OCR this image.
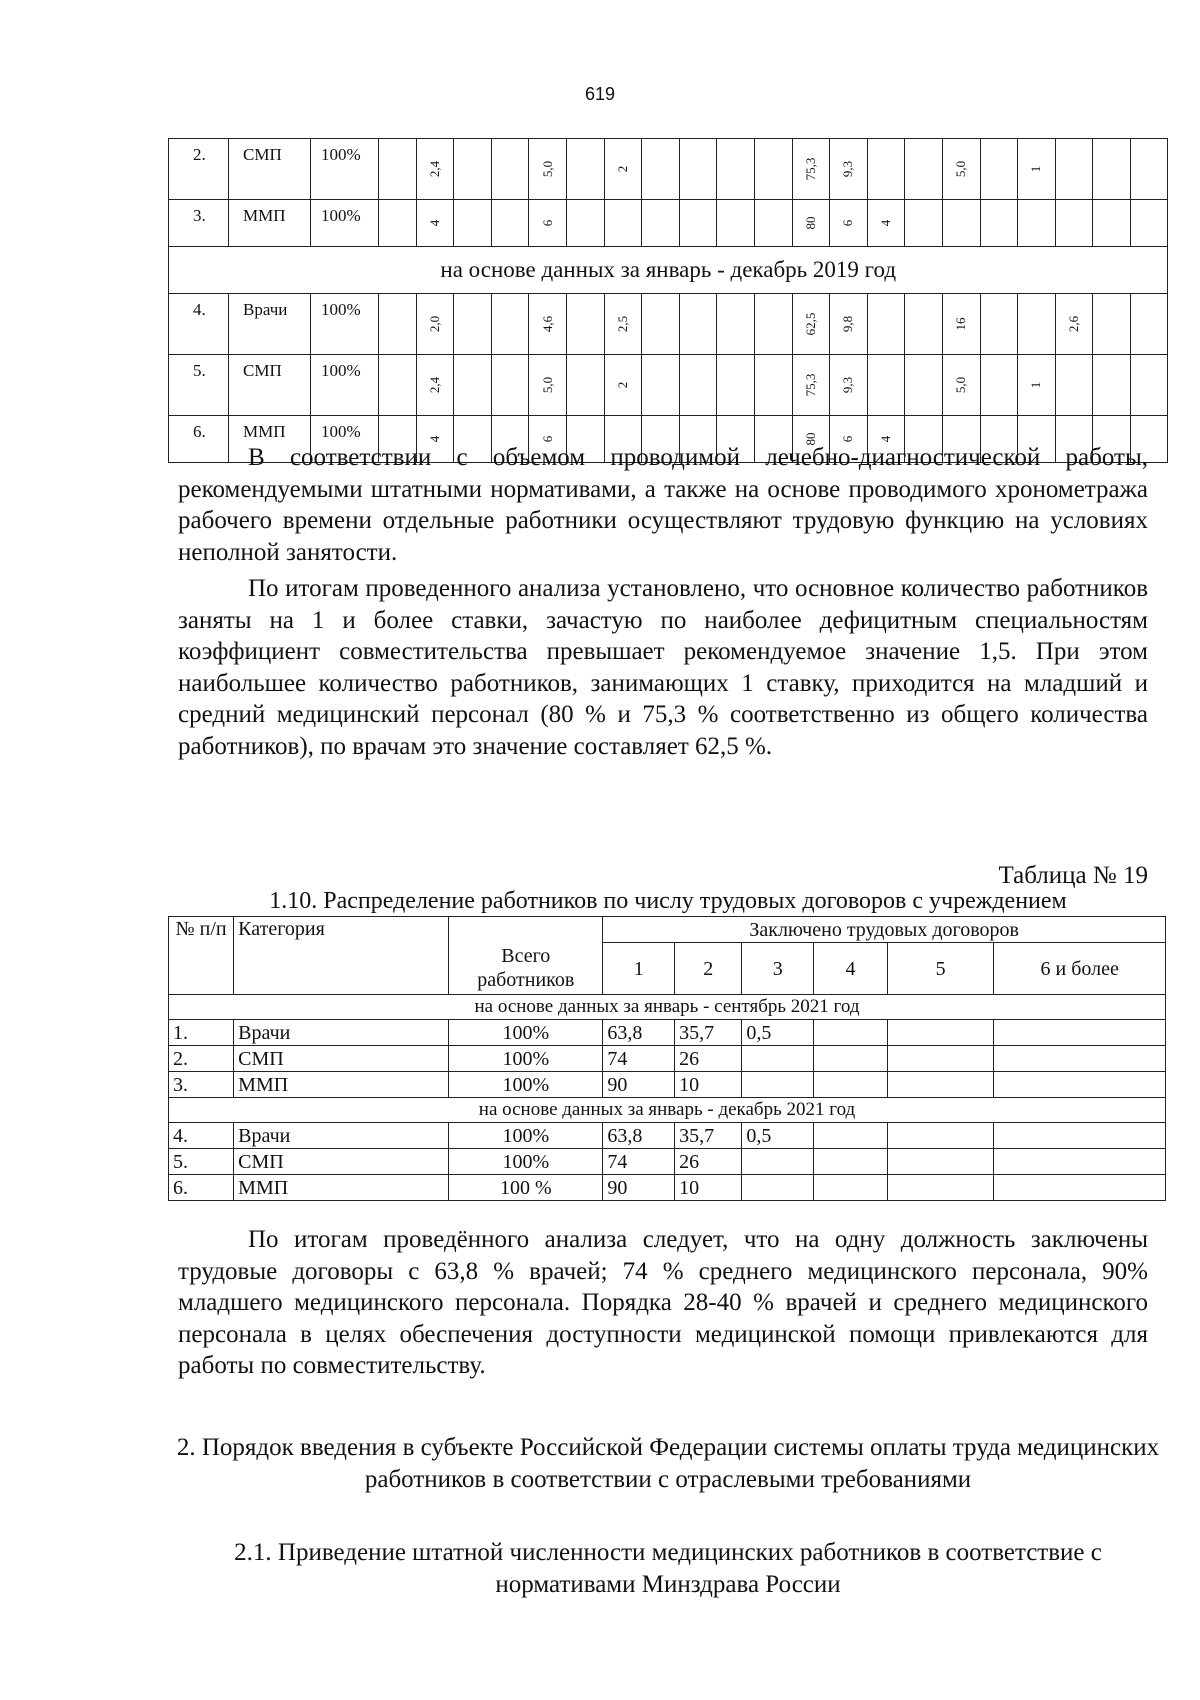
619
2.	СМП	100%		2,4			5,0		2					75,3	9,3			5,0		1			

3.	ММП	100%		4			6							80	6	4							

на основе данных за январь - декабрь 2019 год																							
4.	Врачи	100%		2,0			4,6		2,5					62,5	9,8			16			2,6		

5.	СМП	100%		2,4			5,0		2					75,3	9,3			5,0		1			

6.	ММП	100%		4			6							80	6	4							

В соответствии с объемом проводимой лечебно-диагностической работы, рекомендуемыми штатными нормативами, а также на основе проводимого хронометража рабочего времени отдельные работники осуществляют трудовую функцию на условиях неполной занятости.

По итогам проведенного анализа установлено, что основное количество работников заняты на 1 и более ставки, зачастую по наиболее дефицитным специальностям коэффициент совместительства превышает рекомендуемое значение 1,5. При этом наибольшее количество работников, занимающих 1 ставку, приходится на младший и средний медицинский персонал (80 % и 75,3 % соответственно из общего количества работников), по врачам это значение составляет 62,5 %.

Таблица № 19
1.10. Распределение работников по числу трудовых договоров с учреждением
№ п/п	Категория		Заключено трудовых договоров					
		Всего работников	1	2	3	4	5	6 и более
на основе данных за январь - сентябрь 2021 год								
1.	Врачи	100%	63,8	35,7	0,5			
2.	СМП	100%	74	26				
3.	ММП	100%	90	10				
на основе данных за январь - декабрь 2021 год								
4.	Врачи	100%	63,8	35,7	0,5			
5.	СМП	100%	74	26				
6.	ММП	100 %	90	10				

По итогам проведённого анализа следует, что на одну должность заключены трудовые договоры с 63,8 % врачей; 74 % среднего медицинского персонала, 90% младшего медицинского персонала. Порядка 28-40 % врачей и среднего медицинского персонала в целях обеспечения доступности медицинской помощи привлекаются для работы по совместительству.

2. Порядок введения в субъекте Российской Федерации системы оплаты труда медицинских работников в соответствии с отраслевыми требованиями

2.1. Приведение штатной численности медицинских работников в соответствие с нормативами Минздрава России
